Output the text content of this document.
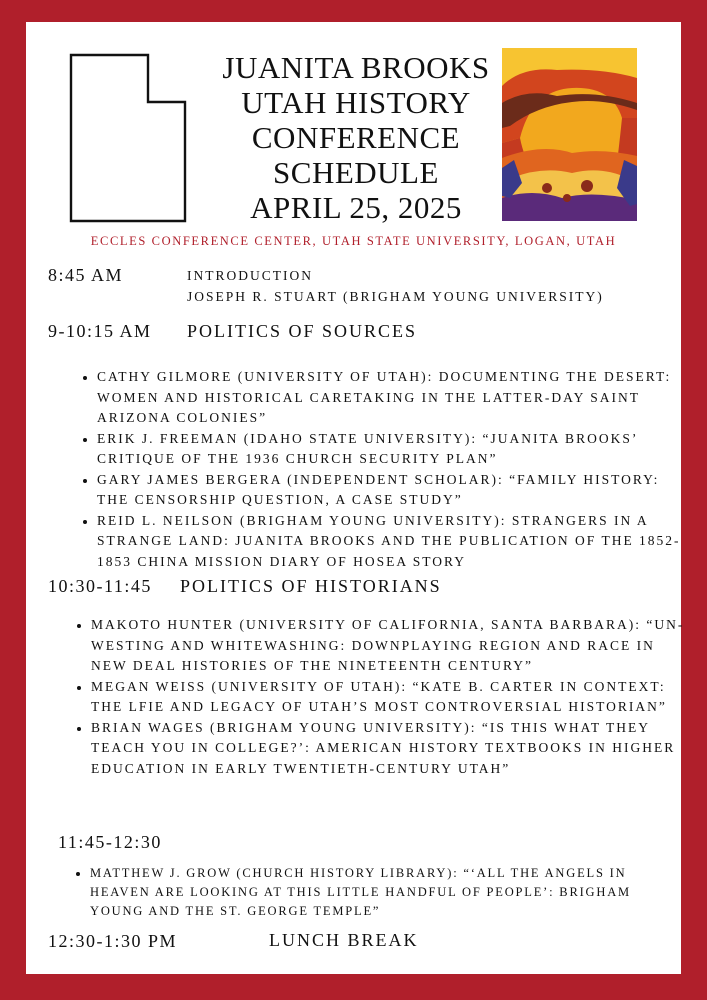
JUANITA BROOKS
UTAH HISTORY
CONFERENCE
SCHEDULE
APRIL 25, 2025
ECCLES CONFERENCE CENTER, UTAH STATE UNIVERSITY, LOGAN, UTAH
8:45 AM	INTRODUCTION
JOSEPH R. STUART (BRIGHAM YOUNG UNIVERSITY)
9-10:15 AM POLITICS OF SOURCES
• CATHY GILMORE (UNIVERSITY OF UTAH): DOCUMENTING THE DESERT: WOMEN AND HISTORICAL CARETAKING IN THE LATTER-DAY SAINT ARIZONA COLONIES”
• ERIK J. FREEMAN (IDAHO STATE UNIVERSITY): “JUANITA BROOKS’ CRITIQUE OF THE 1936 CHURCH SECURITY PLAN”
• GARY JAMES BERGERA (INDEPENDENT SCHOLAR): “FAMILY HISTORY: THE CENSORSHIP QUESTION, A CASE STUDY”
• REID L. NEILSON (BRIGHAM YOUNG UNIVERSITY): STRANGERS IN A STRANGE LAND: JUANITA BROOKS AND THE PUBLICATION OF THE 1852-1853 CHINA MISSION DIARY OF HOSEA STORY
10:30-11:45 POLITICS OF HISTORIANS
• MAKOTO HUNTER (UNIVERSITY OF CALIFORNIA, SANTA BARBARA): “UN-WESTING AND WHITEWASHING: DOWNPLAYING REGION AND RACE IN NEW DEAL HISTORIES OF THE NINETEENTH CENTURY”
• MEGAN WEISS (UNIVERSITY OF UTAH): “KATE B. CARTER IN CONTEXT: THE LFIE AND LEGACY OF UTAH’S MOST CONTROVERSIAL HISTORIAN”
• BRIAN WAGES (BRIGHAM YOUNG UNIVERSITY): “IS THIS WHAT THEY TEACH YOU IN COLLEGE?’: AMERICAN HISTORY TEXTBOOKS IN HIGHER EDUCATION IN EARLY TWENTIETH-CENTURY UTAH”
11:45-12:30
• MATTHEW J. GROW (CHURCH HISTORY LIBRARY): “‘ALL THE ANGELS IN HEAVEN ARE LOOKING AT THIS LITTLE HANDFUL OF PEOPLE’: BRIGHAM YOUNG AND THE ST. GEORGE TEMPLE”
12:30-1:30 PM	LUNCH BREAK
